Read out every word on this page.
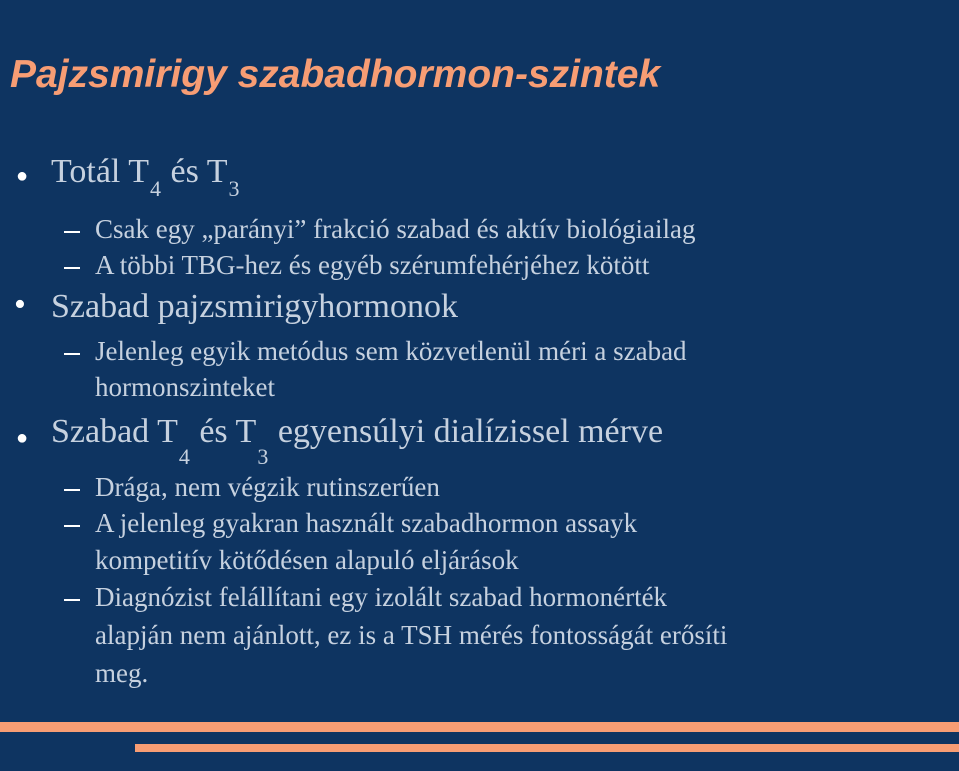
Pajzsmirigy szabadhormon-szintek
● Totál $T_4$ és $T_3$
Csak egy „parányi” frakció szabad és aktív biológiailag
A többi TBG-hez és egyéb szérumfehérjéhez kötött
• Szabad pajzsmirigyhormonok
Jelenleg egyik metódus sem közvetlenül méri a szabad
hormonszinteket
● Szabad $T_4$ és $T_3$ egyensúlyi dialízissel mérve
Drága, nem végzik rutinszerűen
A jelenleg gyakran használt szabadhormon assayk
kompetitív kötődésen alapuló eljárások
Diagnózist felállítani egy izolált szabad hormonérték
alapján nem ajánlott, ez is a TSH mérés fontosságát erősíti
meg.
